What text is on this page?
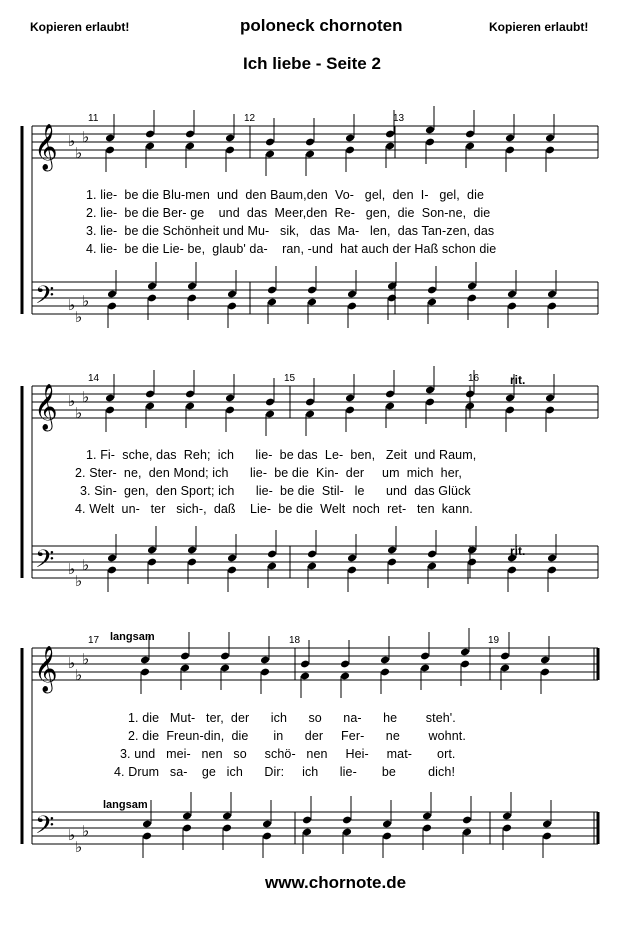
Kopieren erlaubt!	poloneck chornoten	Kopieren erlaubt!
Ich liebe - Seite 2
𝄞
𝄢
♭
♭
♭
♭
♭
♭
𝄞
𝄢
♭
♭
♭
♭
♭
♭
𝄞
𝄢
♭
♭
♭
♭
♭
♭
11	12	13
14	15	16
17	18	19
rit.
rit.
langsam
langsam
1. lie-  be die Blu-men  und  den Baum,den  Vo-   gel,  den  I-   gel,  die
2. lie-  be die Ber- ge    und  das  Meer,den  Re-   gen,  die  Son-ne,  die
3. lie-  be die Schönheit und Mu-   sik,   das  Ma-   len,  das Tan-zen, das
4. lie-  be die Lie- be,  glaub' da-    ran, -und  hat auch der Haß schon die
1. Fi-  sche, das  Reh;  ich      lie-  be das  Le-  ben,   Zeit  und Raum,
2. Ster-  ne,  den Mond; ich      lie-  be die  Kin-  der     um  mich  her,
3. Sin-  gen,  den Sport; ich      lie-  be die  Stil-   le      und  das Glück
4. Welt  un-   ter   sich-,  daß    Lie-  be die  Welt  noch  ret-   ten  kann.
1. die   Mut-   ter,  der      ich      so      na-      he        steh'.
2. die  Freun-din,  die       in      der     Fer-      ne        wohnt.
3. und   mei-   nen   so     schö-   nen     Hei-     mat-       ort.
4. Drum   sa-    ge   ich      Dir:     ich      lie-       be         dich!
www.chornote.de
